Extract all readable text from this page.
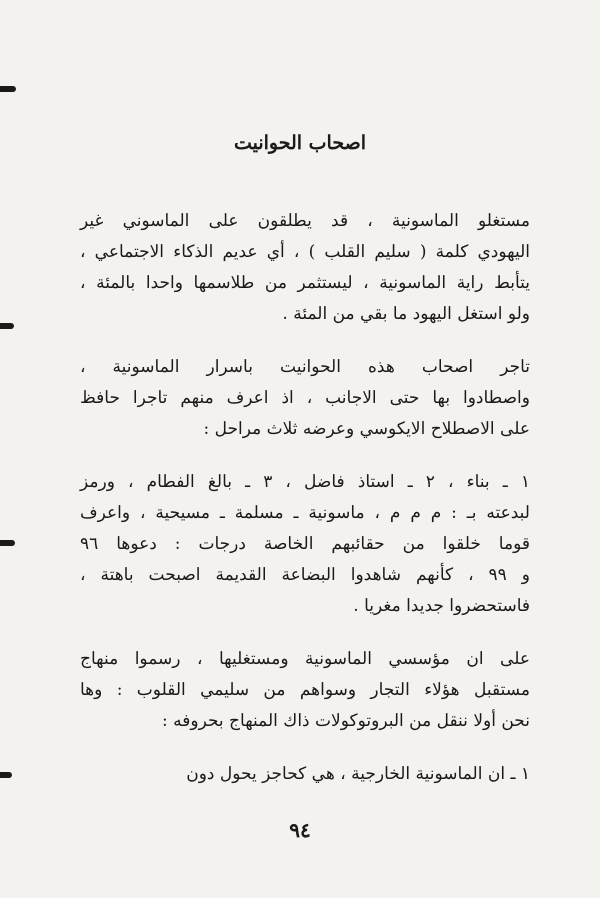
اصحاب الحوانيت
مستغلو الماسونية ، قد يطلقون على الماسوني غير
اليهودي كلمة ( سليم القلب ) ، أي عديم الذكاء الاجتماعي ،
يتأبط راية الماسونية ، ليستثمر من طلاسمها واحدا بالمئة ،
ولو استغل اليهود ما بقي من المئة .
تاجر اصحاب هذه الحوانيت باسرار الماسونية ،
واصطادوا بها حتى الاجانب ، اذ اعرف منهم تاجرا حافظ
على الاصطلاح الايكوسي وعرضه ثلاث مراحل :
١ ـ بناء ، ٢ ـ استاذ فاضل ، ٣ ـ بالغ الفطام ، ورمز
لبدعته بـ : م م م ، ماسونية ـ مسلمة ـ مسيحية ، واعرف
قوما خلقوا من حقائبهم الخاصة درجات : دعوها ٩٦
و ٩٩ ، كأنهم شاهدوا البضاعة القديمة اصبحت باهتة ،
فاستحضروا جديدا مغريا .
على ان مؤسسي الماسونية ومستغليها ، رسموا منهاج
مستقبل هؤلاء التجار وسواهم من سليمي القلوب : وها
نحن أولا ننقل من البروتوكولات ذاك المنهاج بحروفه :
١ ـ ان الماسونية الخارجية ، هي كحاجز يحول دون
٩٤
